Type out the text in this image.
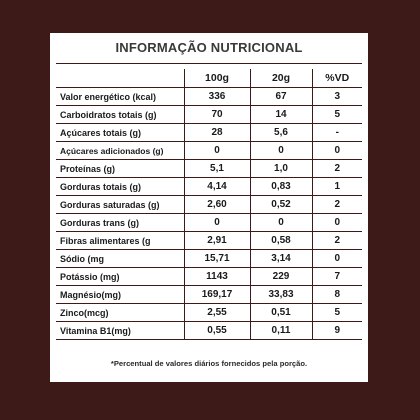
INFORMAÇÃO NUTRICIONAL
	100g	20g	%VD
Valor energético (kcal)	336	67	3
Carboidratos totais (g)	70	14	5
Açúcares totais (g)	28	5,6	-
Açúcares adicionados (g)	0	0	0
Proteínas (g)	5,1	1,0	2
Gorduras totais (g)	4,14	0,83	1
Gorduras saturadas (g)	2,60	0,52	2
Gorduras trans (g)	0	0	0
Fibras alimentares (g	2,91	0,58	2
Sódio (mg	15,71	3,14	0
Potássio (mg)	1143	229	7
Magnésio(mg)	169,17	33,83	8
Zinco(mcg)	2,55	0,51	5
Vitamina B1(mg)	0,55	0,11	9
*Percentual de valores diários fornecidos pela porção.
